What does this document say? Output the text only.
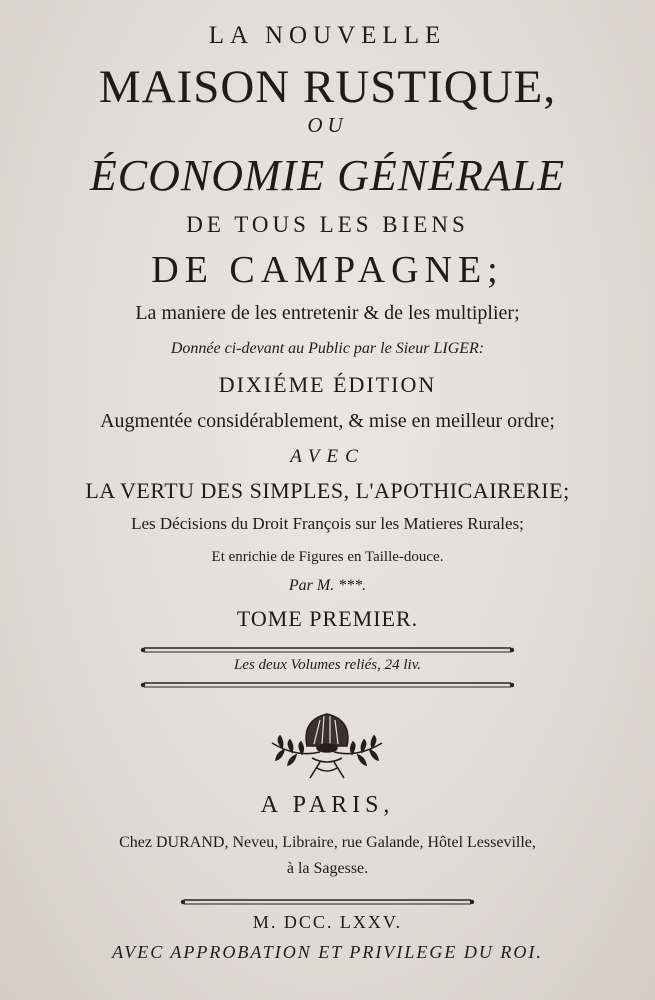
LA NOUVELLE
MAISON RUSTIQUE,
OU
ÉCONOMIE GÉNÉRALE
DE TOUS LES BIENS
DE CAMPAGNE;
La maniere de les entretenir & de les multiplier;
Donnée ci-devant au Public par le Sieur LIGER:
DIXIÉME ÉDITION
Augmentée considérablement, & mise en meilleur ordre;
AVEC
LA VERTU DES SIMPLES, L'APOTHICAIRERIE;
Les Décisions du Droit François sur les Matieres Rurales;
Et enrichie de Figures en Taille-douce.
Par M. ***.
TOME PREMIER.
Les deux Volumes reliés, 24 liv.
A PARIS,
Chez DURAND, Neveu, Libraire, rue Galande, Hôtel Lesseville,
à la Sagesse.
M. DCC. LXXV.
AVEC APPROBATION ET PRIVILEGE DU ROI.
